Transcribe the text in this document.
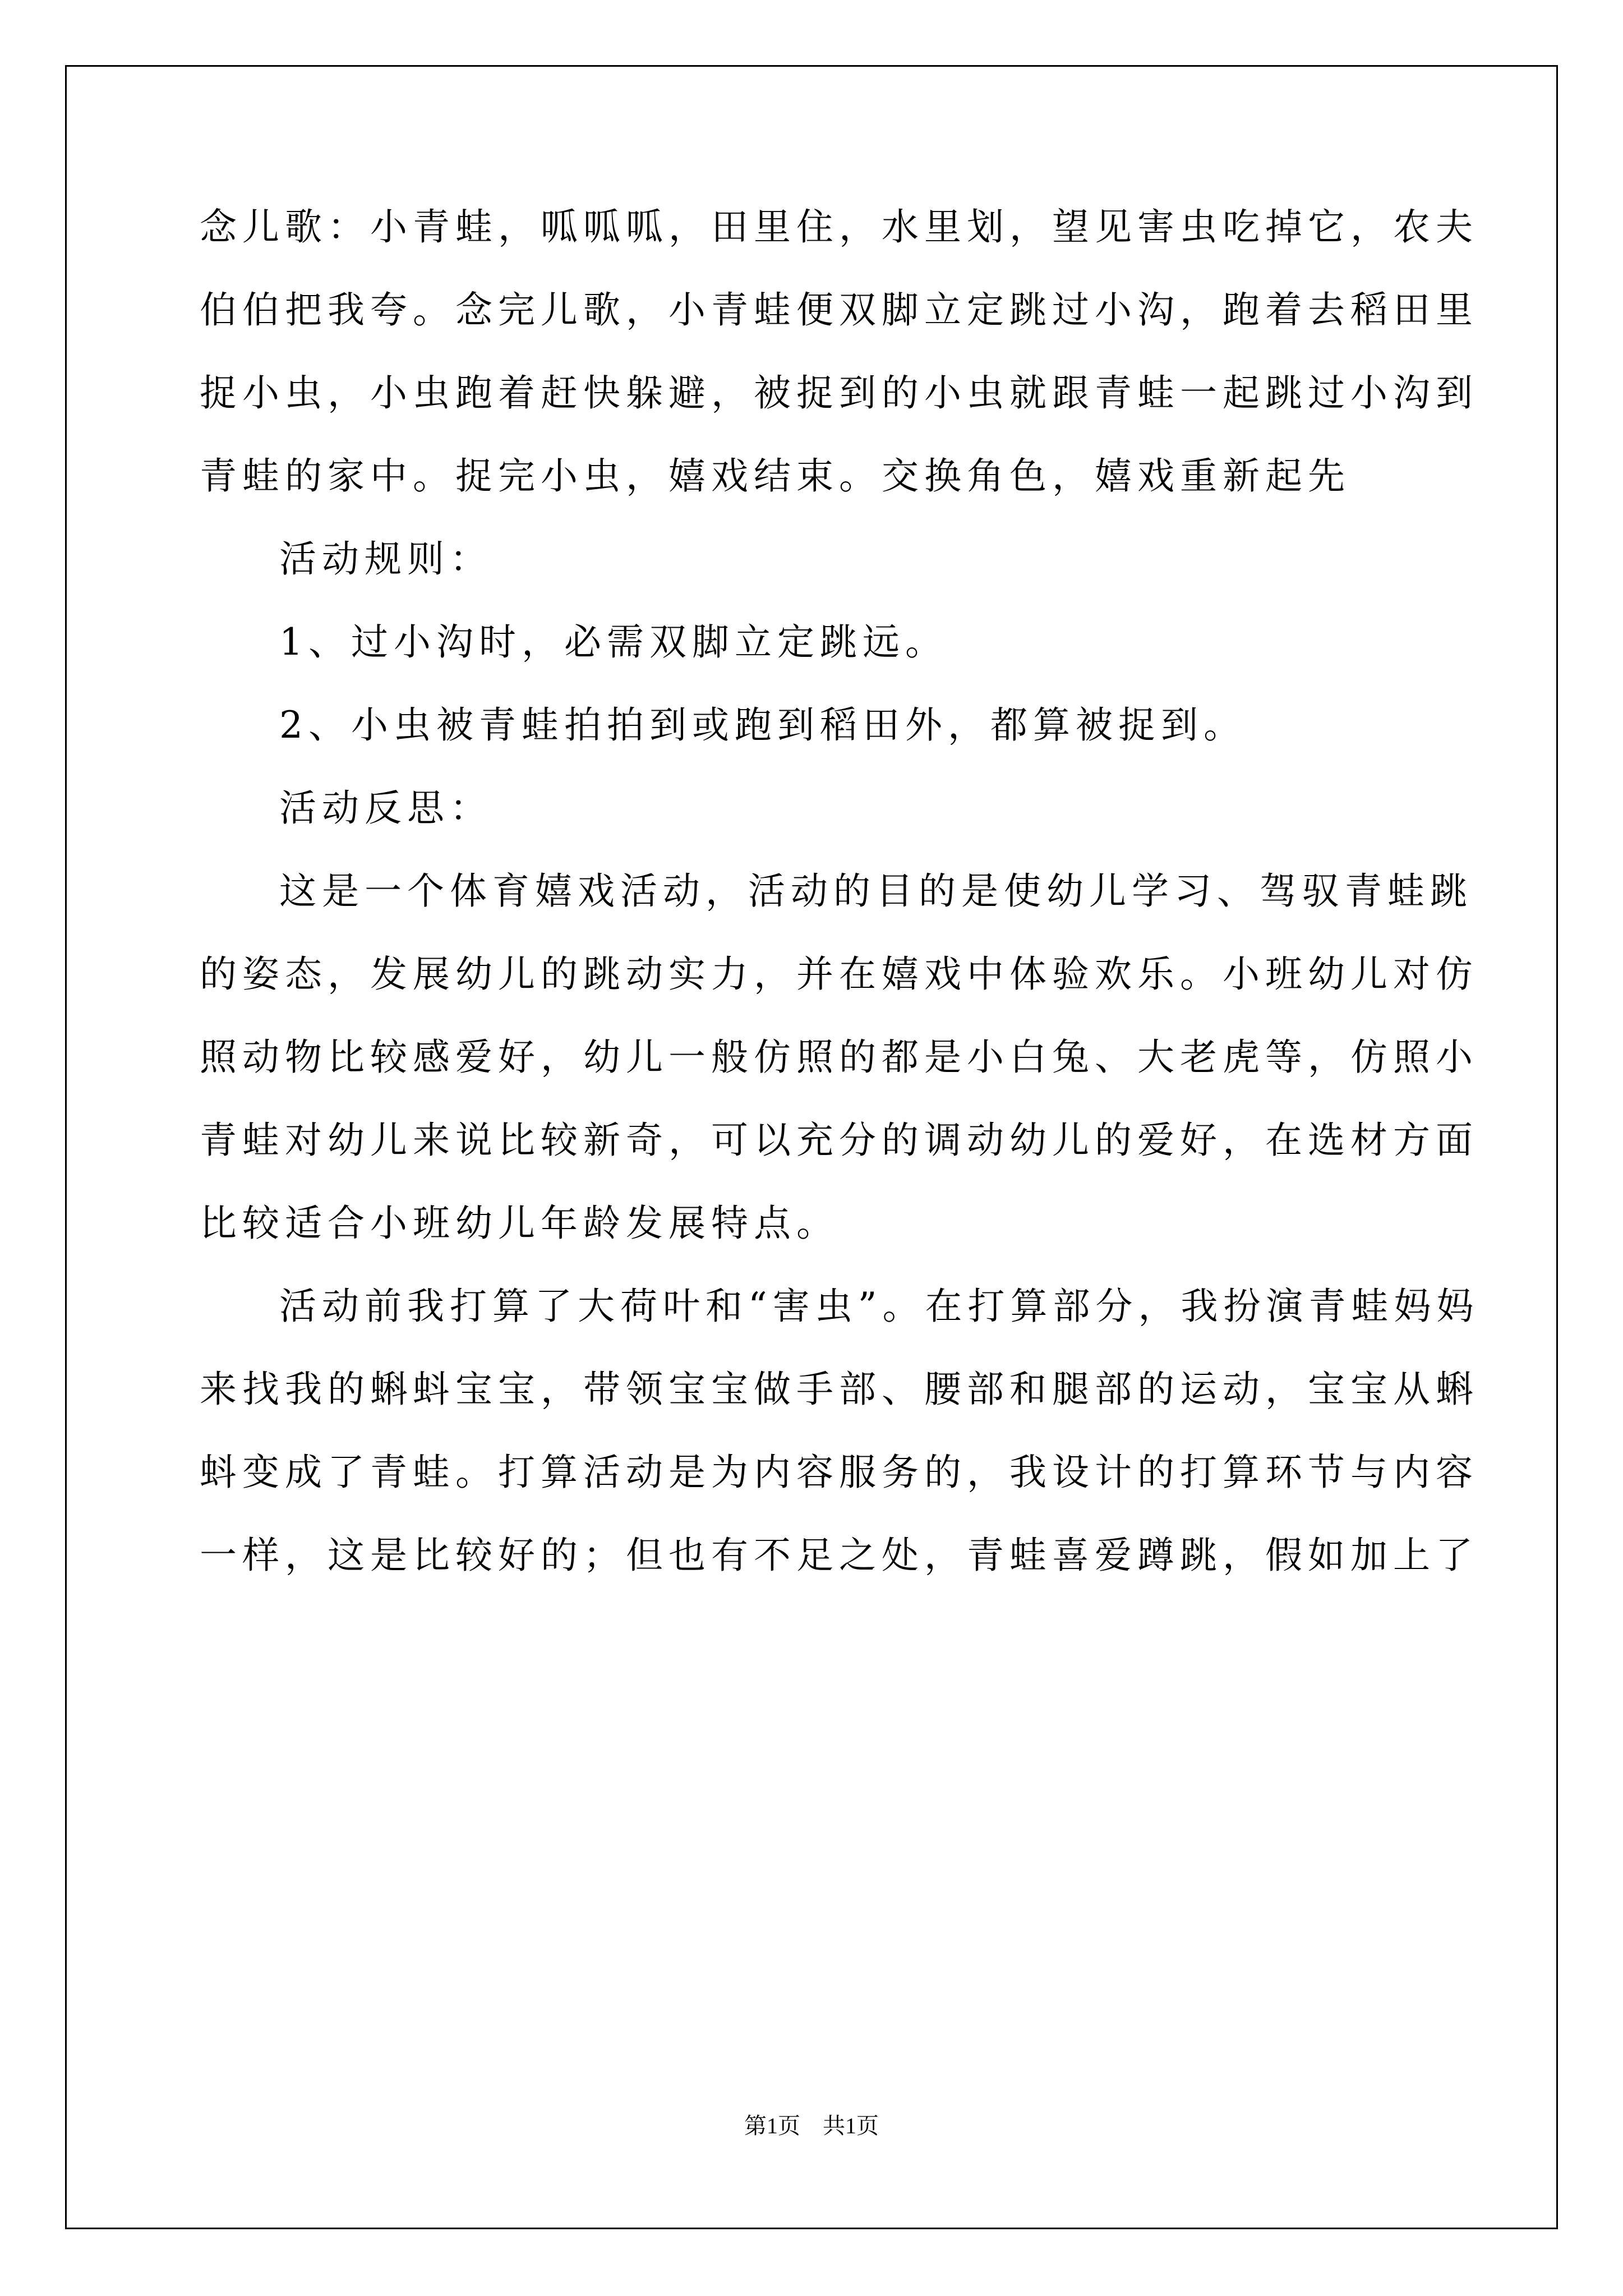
念儿歌：小青蛙，呱呱呱，田里住，水里划，望见害虫吃掉它，农夫
伯伯把我夸。念完儿歌，小青蛙便双脚立定跳过小沟，跑着去稻田里
捉小虫，小虫跑着赶快躲避，被捉到的小虫就跟青蛙一起跳过小沟到
青蛙的家中。捉完小虫，嬉戏结束。交换角色，嬉戏重新起先
活动规则：
1、过小沟时，必需双脚立定跳远。
2、小虫被青蛙拍拍到或跑到稻田外，都算被捉到。
活动反思：
这是一个体育嬉戏活动，活动的目的是使幼儿学习、驾驭青蛙跳
的姿态，发展幼儿的跳动实力，并在嬉戏中体验欢乐。小班幼儿对仿
照动物比较感爱好，幼儿一般仿照的都是小白兔、大老虎等，仿照小
青蛙对幼儿来说比较新奇，可以充分的调动幼儿的爱好，在选材方面
比较适合小班幼儿年龄发展特点。
活动前我打算了大荷叶和“害虫”。在打算部分，我扮演青蛙妈妈
来找我的蝌蚪宝宝，带领宝宝做手部、腰部和腿部的运动，宝宝从蝌
蚪变成了青蛙。打算活动是为内容服务的，我设计的打算环节与内容
一样，这是比较好的；但也有不足之处，青蛙喜爱蹲跳，假如加上了
第1页　共1页
